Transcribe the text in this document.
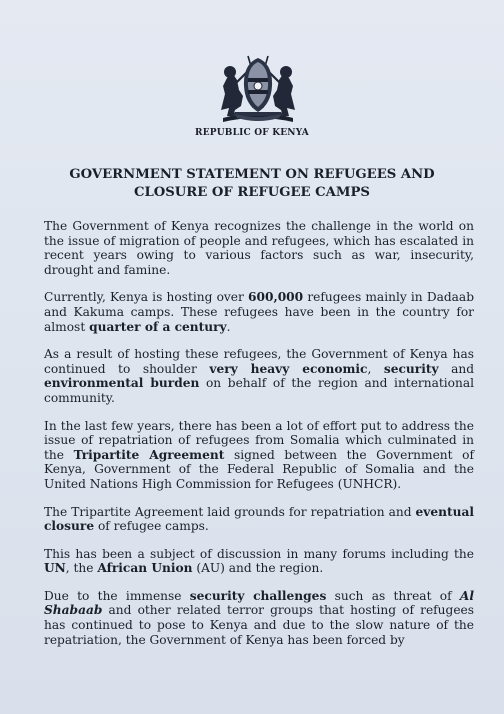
REPUBLIC OF KENYA
GOVERNMENT STATEMENT ON REFUGEES AND
CLOSURE OF REFUGEE CAMPS

The Government of Kenya recognizes the challenge in the world on the issue of migration of people and refugees, which has escalated in recent years owing to various factors such as war, insecurity, drought and famine.

Currently, Kenya is hosting over 600,000 refugees mainly in Dadaab and Kakuma camps. These refugees have been in the country for almost quarter of a century.

As a result of hosting these refugees, the Government of Kenya has continued to shoulder very heavy economic, security and environmental burden on behalf of the region and international community.

In the last few years, there has been a lot of effort put to address the issue of repatriation of refugees from Somalia which culminated in the Tripartite Agreement signed between the Government of Kenya, Government of the Federal Republic of Somalia and the United Nations High Commission for Refugees (UNHCR).

The Tripartite Agreement laid grounds for repatriation and eventual closure of refugee camps.

This has been a subject of discussion in many forums including the UN, the African Union (AU) and the region.

Due to the immense security challenges such as threat of Al Shabaab and other related terror groups that hosting of refugees has continued to pose to Kenya and due to the slow nature of the repatriation, the Government of Kenya has been forced by
